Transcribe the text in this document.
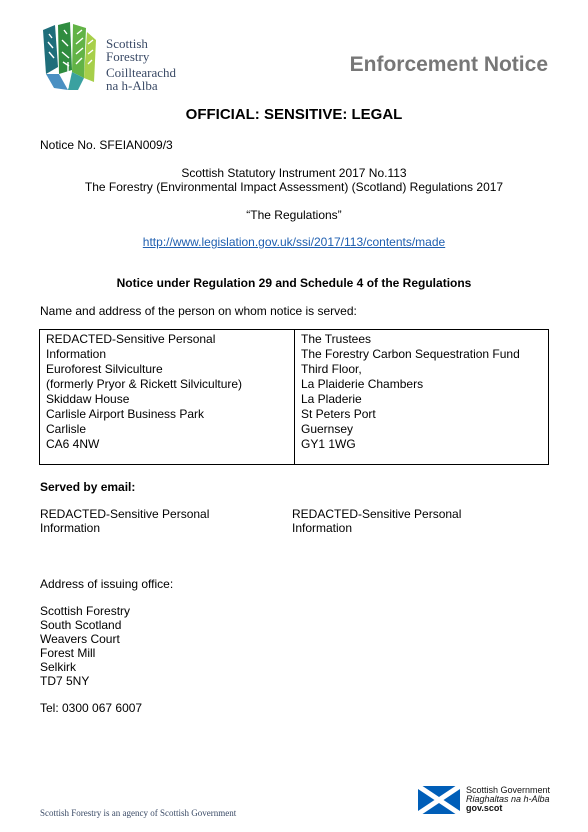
Scottish
Forestry
Coilltearachd
na h-Alba
Enforcement Notice
OFFICIAL: SENSITIVE: LEGAL
Notice No. SFEIAN009/3
Scottish Statutory Instrument 2017 No.113
The Forestry (Environmental Impact Assessment) (Scotland) Regulations 2017
“The Regulations”
http://www.legislation.gov.uk/ssi/2017/113/contents/made
Notice under Regulation 29 and Schedule 4 of the Regulations
Name and address of the person on whom notice is served:
REDACTED-Sensitive Personal
Information
Euroforest Silviculture
(formerly Pryor & Rickett Silviculture)
Skiddaw House
Carlisle Airport Business Park
Carlisle
CA6 4NW

The Trustees
The Forestry Carbon Sequestration Fund
Third Floor,
La Plaiderie Chambers
La Pladerie
St Peters Port
Guernsey
GY1 1WG
Served by email:
REDACTED-Sensitive Personal
Information
REDACTED-Sensitive Personal
Information
Address of issuing office:
Scottish Forestry
South Scotland
Weavers Court
Forest Mill
Selkirk
TD7 5NY
Tel: 0300 067 6007
Scottish Forestry is an agency of Scottish Government
Scottish Government
Riaghaltas na h-Alba
gov.scot
